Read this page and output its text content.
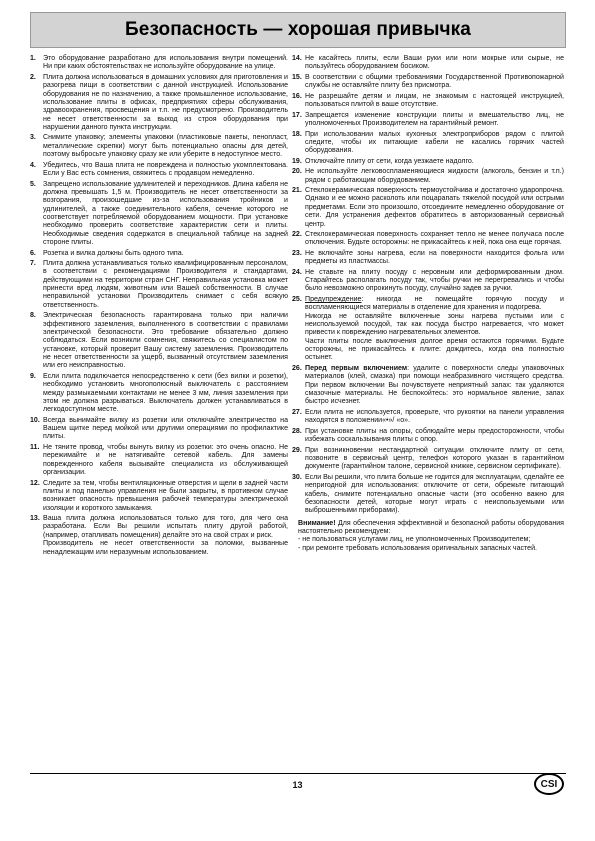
Безопасность — хорошая привычка
1.	Это оборудование разработано для использования внутри помещений. Ни при каких обстоятельствах не используйте оборудование на улице.

2.	Плита должна использоваться в домашних условиях для приготовления и разогрева пищи в соответствии с данной инструкцией. Использование оборудования не по назначению, а также промышленное использование, использование плиты в офисах, предприятиях сферы обслуживания, здравоохранения, просвещения и т.п. не предусмотрено. Производитель не несет ответственности за выход из строя оборудования при нарушении данного пункта инструкции.

3.	Снимите упаковку; элементы упаковки (пластиковые пакеты, пенопласт, металлические скрепки) могут быть потенциально опасны для детей, поэтому выбросьте упаковку сразу же или уберите в недоступное место.

4.	Убедитесь, что Ваша плита не повреждена и полностью укомплектована. Если у Вас есть сомнения, свяжитесь с продавцом немедленно.

5.	Запрещено использование удлинителей и переходников. Длина кабеля не должна превышать 1,5 м. Производитель не несет ответственности за возгорания, произошедшие из-за использования тройников и удлинителей, а также соединительного кабеля, сечение которого не соответствует потребляемой оборудованием мощности. При установке необходимо проверить соответствие характеристик сети и плиты. Необходимые сведения содержатся в специальной таблице на задней стороне плиты.

6.	Розетка и вилка должны быть одного типа.

7.	Плита должна устанавливаться только квалифицированным персоналом, в соответствии с рекомендациями Производителя и стандартами, действующими на территории стран СНГ. Неправильная установка может принести вред людям, животным или Вашей собственности. В случае неправильной установки Производитель снимает с себя всякую ответственность.

8.	Электрическая безопасность гарантирована только при наличии эффективного заземления, выполненного в соответствии с правилами электрической безопасности. Это требование обязательно должно соблюдаться. Если возникли сомнения, свяжитесь со специалистом по установке, который проверит Вашу систему заземления. Производитель не несет ответственности за ущерб, вызванный отсутствием заземления или его неисправностью.

9.	Если плита подключается непосредственно к сети (без вилки и розетки), необходимо установить многополюсный выключатель с расстоянием между размыкаемыми контактами не менее 3 мм, линия заземления при этом не должна разрываться. Выключатель должен устанавливаться в легкодоступном месте.

10. Всегда вынимайте вилку из розетки или отключайте электричество на Вашем щитке перед мойкой или другими операциями по профилактике плиты.

11. Не тяните провод, чтобы вынуть вилку из розетки: это очень опасно. Не пережимайте и не натягивайте сетевой кабель. Для замены поврежденного кабеля вызывайте специалиста из обслуживающей организации.

12. Следите за тем, чтобы вентиляционные отверстия и щели в задней части плиты и под панелью управления не были закрыты, в противном случае возникает опасность превышения рабочей температуры электрической изоляции и короткого замыкания.

13. Ваша плита должна использоваться только для того, для чего она разработана. Если Вы решили испытать плиту другой работой, (например, отапливать помещения) делайте это на свой страх и риск.

Производитель не несет ответственности за поломки, вызванные ненадлежащим или неразумным использованием.

14. Не касайтесь плиты, если Ваши руки или ноги мокрые или сырые, не пользуйтесь оборудованием босиком.

15. В соответствии с общими требованиями Государственной Противопожарной службы не оставляйте плиту без присмотра.

16. Не разрешайте детям и лицам, не знакомым с настоящей инструкцией, пользоваться плитой в ваше отсутствие.

17. Запрещается изменение конструкции плиты и вмешательство лиц, не уполномоченных Производителем на гарантийный ремонт.

18. При использовании малых кухонных электроприборов рядом с плитой следите, чтобы их питающие кабели не касались горячих частей оборудования.

19. Отключайте плиту от сети, когда уезжаете надолго.

20. Не используйте легковоспламеняющиеся жидкости (алкоголь, бензин и т.п.) рядом с работающим оборудованием.

21. Стеклокерамическая поверхность термоустойчива и достаточно ударопрочна. Однако и ее можно расколоть или поцарапать тяжелой посудой или острыми предметами. Если это произошло, отсоедините немедленно оборудование от сети. Для устранения дефектов обратитесь в авторизованный сервисный центр.

22. Стеклокерамическая поверхность сохраняет тепло не менее получаса после отключения. Будьте осторожны: не прикасайтесь к ней, пока она еще горячая.

23. Не включайте зоны нагрева, если на поверхности находится фольга или предметы из пластмассы.

24. Не ставьте на плиту посуду с неровным или деформированным дном. Старайтесь располагать посуду так, чтобы ручки не перегревались и чтобы было невозможно опрокинуть посуду, случайно задев за ручки.

25. Предупреждение: никогда не помещайте горячую посуду и воспламеняющиеся материалы в отделение для хранения и подогрева.

Никогда не оставляйте включенные зоны нагрева пустыми или с неиспользуемой посудой, так как посуда быстро нагревается, что может привести к повреждению нагревательных элементов.

Части плиты после выключения долгое время остаются горячими. Будьте осторожны, не прикасайтесь к плите: дождитесь, когда она полностью остынет.

26. Перед первым включением: удалите с поверхности следы упаковочных материалов (клей, смазка) при помощи неабразивного чистящего средства. При первом включении Вы почувствуете неприятный запах: так удаляются смазочные материалы. Не беспокойтесь: это нормальное явление, запах быстро исчезнет.

27. Если плита не используется, проверьте, что рукоятки на панели управления находятся в положении«•»/ «о».

28. При установке плиты на опоры, соблюдайте меры предосторожности, чтобы избежать соскальзывания плиты с опор.

29. При возникновении нестандартной ситуации отключите плиту от сети, позвоните в сервисный центр, телефон которого указан в гарантийном документе (гарантийном талоне, сервисной книжке, сервисном сертификате).

30. Если Вы решили, что плита больше не годится для эксплуатации, сделайте ее непригодной для использования: отключите от сети, обрежьте питающий кабель, снимите потенциально опасные части (это особенно важно для безопасности детей, которые могут играть с неиспользуемыми или выброшенными приборами).

Внимание! Для обеспечения эффективной и безопасной работы оборудования настоятельно рекомендуем:

- не пользоваться услугами лиц, не уполномоченных Производителем;

- при ремонте требовать использования оригинальных запасных частей.

13	CSI
